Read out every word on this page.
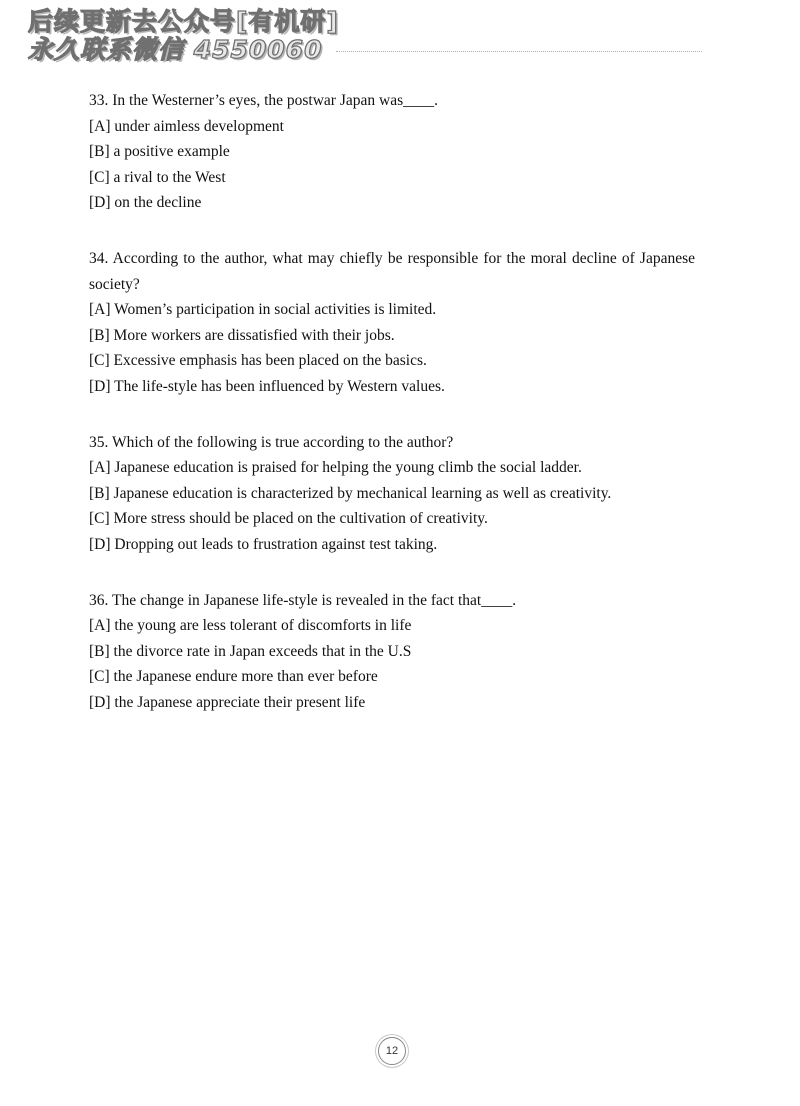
后续更新去公众号[有机研]
永久联系微信 4550060
33. In the Westerner’s eyes, the postwar Japan was____.
[A] under aimless development
[B] a positive example
[C] a rival to the West
[D] on the decline
34. According to the author, what may chiefly be responsible for the moral decline of Japanese society?
[A] Women’s participation in social activities is limited.
[B] More workers are dissatisfied with their jobs.
[C] Excessive emphasis has been placed on the basics.
[D] The life-style has been influenced by Western values.
35. Which of the following is true according to the author?
[A] Japanese education is praised for helping the young climb the social ladder.
[B] Japanese education is characterized by mechanical learning as well as creativity.
[C] More stress should be placed on the cultivation of creativity.
[D] Dropping out leads to frustration against test taking.
36. The change in Japanese life-style is revealed in the fact that____.
[A] the young are less tolerant of discomforts in life
[B] the divorce rate in Japan exceeds that in the U.S
[C] the Japanese endure more than ever before
[D] the Japanese appreciate their present life
12
